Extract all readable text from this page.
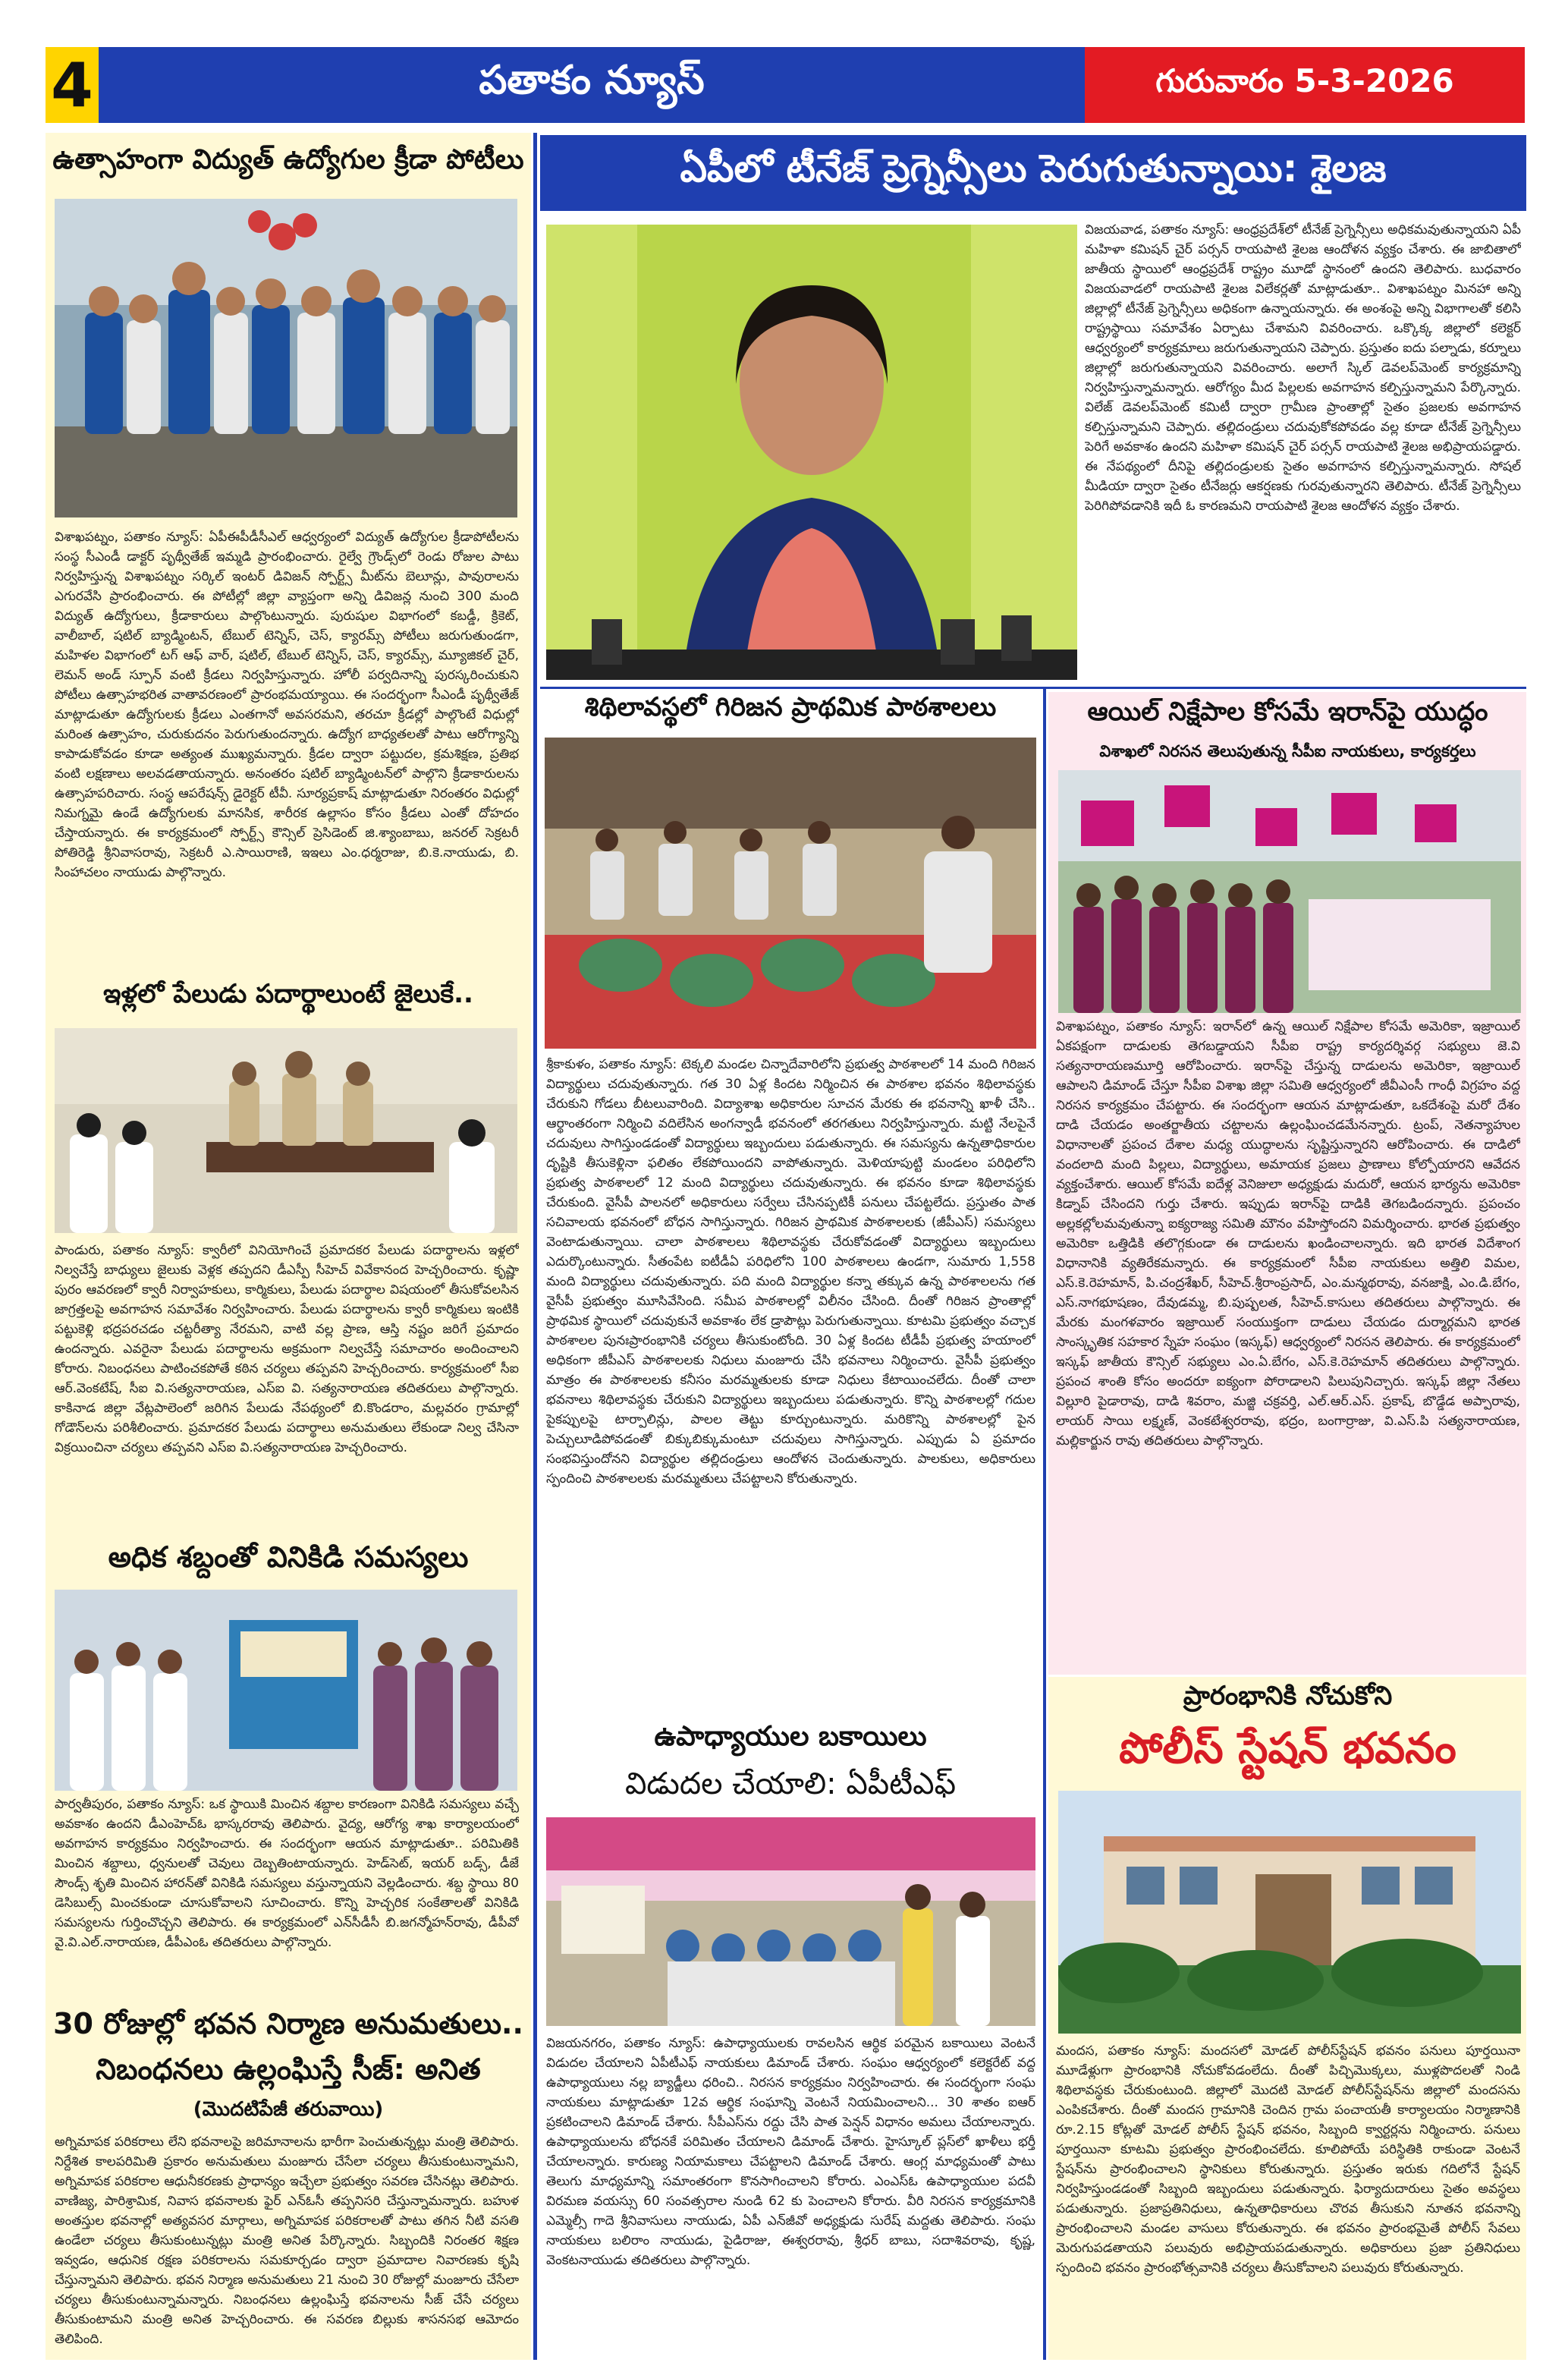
4	పతాకం న్యూస్	గురువారం 5-3-2026
ఉత్సాహంగా విద్యుత్ ఉద్యోగుల క్రీడా పోటీలు
విశాఖపట్నం, పతాకం న్యూస్: ఏపీఈపీడీసీఎల్ ఆధ్వర్యంలో విద్యుత్ ఉద్యోగుల క్రీడాపోటీలను సంస్థ సీఎండీ డాక్టర్ పృథ్వీతేజ్ ఇమ్మడి ప్రారంభించారు. రైల్వే గ్రౌండ్స్‌లో రెండు రోజుల పాటు నిర్వహిస్తున్న విశాఖపట్నం సర్కిల్ ఇంటర్ డివిజన్ స్పోర్ట్స్ మీట్‌ను బెలూన్లు, పావురాలను ఎగురవేసి ప్రారంభించారు. ఈ పోటీల్లో జిల్లా వ్యాప్తంగా అన్ని డివిజన్ల నుంచి 300 మంది విద్యుత్ ఉద్యోగులు, క్రీడాకారులు పాల్గొంటున్నారు. పురుషుల విభాగంలో కబడ్డీ, క్రికెట్, వాలీబాల్, షటిల్ బ్యాడ్మింటన్, టేబుల్ టెన్నిస్, చెస్, క్యారమ్స్ పోటీలు జరుగుతుండగా, మహిళల విభాగంలో టగ్ ఆఫ్ వార్, షటిల్, టేబుల్ టెన్నిస్, చెస్, క్యారమ్స్, మ్యూజికల్ చైర్, లెమన్ అండ్ స్పూన్ వంటి క్రీడలు నిర్వహిస్తున్నారు. హోలీ పర్వదినాన్ని పురస్కరించుకుని పోటీలు ఉత్సాహభరిత వాతావరణంలో ప్రారంభమయ్యాయి. ఈ సందర్భంగా సీఎండీ పృథ్వీతేజ్ మాట్లాడుతూ ఉద్యోగులకు క్రీడలు ఎంతగానో అవసరమని, తరచూ క్రీడల్లో పాల్గొంటే విధుల్లో మరింత ఉత్సాహం, చురుకుదనం పెరుగుతుందన్నారు. ఉద్యోగ బాధ్యతలతో పాటు ఆరోగ్యాన్ని కాపాడుకోవడం కూడా అత్యంత ముఖ్యమన్నారు. క్రీడల ద్వారా పట్టుదల, క్రమశిక్షణ, ప్రతిభ వంటి లక్షణాలు అలవడతాయన్నారు. అనంతరం షటిల్ బ్యాడ్మింటన్‌లో పాల్గొని క్రీడాకారులను ఉత్సాహపరిచారు. సంస్థ ఆపరేషన్స్ డైరెక్టర్ టీవీ. సూర్యప్రకాష్ మాట్లాడుతూ నిరంతరం విధుల్లో నిమగ్నమై ఉండే ఉద్యోగులకు మానసిక, శారీరక ఉల్లాసం కోసం క్రీడలు ఎంతో దోహదం చేస్తాయన్నారు. ఈ కార్యక్రమంలో స్పోర్ట్స్ కౌన్సిల్ ప్రెసిడెంట్ జి.శ్యాంబాబు, జనరల్ సెక్రటరీ పోతిరెడ్డి శ్రీనివాసరావు, సెక్రటరీ ఎ.సాయిరాణి, ఇఇలు ఎం.ధర్మరాజు, బి.కె.నాయుడు, బి. సింహాచలం నాయుడు పాల్గొన్నారు.
ఇళ్లలో పేలుడు పదార్థాలుంటే జైలుకే..
పాండురు, పతాకం న్యూస్: క్వారీలో వినియోగించే ప్రమాదకర పేలుడు పదార్థాలను ఇళ్లలో నిల్వచేస్తే బాధ్యులు జైలుకు వెళ్లక తప్పదని డీఎస్పీ సీహెచ్ వివేకానంద హెచ్చరించారు. కృష్ణా పురం ఆవరణలో క్వారీ నిర్వాహకులు, కార్మికులు, పేలుడు పదార్థాల విషయంలో తీసుకోవలసిన జాగ్రత్తలపై అవగాహన సమావేశం నిర్వహించారు. పేలుడు పదార్థాలను క్వారీ కార్మికులు ఇంటికి పట్టుకెళ్లి భద్రపరచడం చట్టరీత్యా నేరమని, వాటి వల్ల ప్రాణ, ఆస్తి నష్టం జరిగే ప్రమాదం ఉందన్నారు. ఎవరైనా పేలుడు పదార్థాలను అక్రమంగా నిల్వచేస్తే సమాచారం అందించాలని కోరారు. నిబంధనలు పాటించకపోతే కఠిన చర్యలు తప్పవని హెచ్చరించారు. కార్యక్రమంలో సీఐ ఆర్.వెంకటేష్, సీఐ వి.సత్యనారాయణ, ఎస్ఐ వి. సత్యనారాయణ తదితరులు పాల్గొన్నారు. కాకినాడ జిల్లా వేట్లపాలెంలో జరిగిన పేలుడు నేపథ్యంలో బి.కొండరాం, మల్లవరం గ్రామాల్లో గోడౌన్‌లను పరిశీలించారు. ప్రమాదకర పేలుడు పదార్థాలు అనుమతులు లేకుండా నిల్వ చేసినా విక్రయించినా చర్యలు తప్పవని ఎస్ఐ వి.సత్యనారాయణ హెచ్చరించారు.
అధిక శబ్దంతో వినికిడి సమస్యలు
పార్వతీపురం, పతాకం న్యూస్: ఒక స్థాయికి మించిన శబ్దాల కారణంగా వినికిడి సమస్యలు వచ్చే అవకాశం ఉందని డీఎంహెచ్ఓ భాస్కరరావు తెలిపారు. వైద్య, ఆరోగ్య శాఖ కార్యాలయంలో అవగాహన కార్యక్రమం నిర్వహించారు. ఈ సందర్భంగా ఆయన మాట్లాడుతూ.. పరిమితికి మించిన శబ్దాలు, ధ్వనులతో చెవులు దెబ్బతింటాయన్నారు. హెడ్‌సెట్, ఇయర్ బడ్స్, డీజే సౌండ్స్ శృతి మించిన హారన్‌తో వినికిడి సమస్యలు వస్తున్నాయని వెల్లడించారు. శబ్ద స్థాయి 80 డెసిబుల్స్ మించకుండా చూసుకోవాలని సూచించారు. కొన్ని హెచ్చరిక సంకేతాలతో వినికిడి సమస్యలను గుర్తించొచ్చని తెలిపారు. ఈ కార్యక్రమంలో ఎన్‌సీడీసీ బి.జగన్మోహన్‌రావు, డీపీవో వై.వి.ఎల్.నారాయణ, డీపీఎంఓ తదితరులు పాల్గొన్నారు.
30 రోజుల్లో భవన నిర్మాణ అనుమతులు..
నిబంధనలు ఉల్లంఘిస్తే సీజ్: అనిత
(మొదటిపేజీ తరువాయి)
అగ్నిమాపక పరికరాలు లేని భవనాలపై జరిమానాలను భారీగా పెంచుతున్నట్లు మంత్రి తెలిపారు. నిర్దేశిత కాలపరిమితి ప్రకారం అనుమతులు మంజూరు చేసేలా చర్యలు తీసుకుంటున్నామని, అగ్నిమాపక పరికరాల ఆధునీకరణకు ప్రాధాన్యం ఇచ్చేలా ప్రభుత్వం సవరణ చేసినట్లు తెలిపారు. వాణిజ్య, పారిశ్రామిక, నివాస భవనాలకు ఫైర్ ఎన్‌ఓసీ తప్పనిసరి చేస్తున్నామన్నారు. బహుళ అంతస్తుల భవనాల్లో అత్యవసర మార్గాలు, అగ్నిమాపక పరికరాలతో పాటు తగిన నీటి వసతి ఉండేలా చర్యలు తీసుకుంటున్నట్లు మంత్రి అనిత పేర్కొన్నారు. సిబ్బందికి నిరంతర శిక్షణ ఇవ్వడం, ఆధునిక రక్షణ పరికరాలను సమకూర్చడం ద్వారా ప్రమాదాల నివారణకు కృషి చేస్తున్నామని తెలిపారు. భవన నిర్మాణ అనుమతులు 21 నుంచి 30 రోజుల్లో మంజూరు చేసేలా చర్యలు తీసుకుంటున్నామన్నారు. నిబంధనలు ఉల్లంఘిస్తే భవనాలను సీజ్ చేసే చర్యలు తీసుకుంటామని మంత్రి అనిత హెచ్చరించారు. ఈ సవరణ బిల్లుకు శాసనసభ ఆమోదం తెలిపింది.
ఏపీలో టీనేజ్ ప్రెగ్నెన్సీలు పెరుగుతున్నాయి: శైలజ
విజయవాడ, పతాకం న్యూస్: ఆంధ్రప్రదేశ్‌లో టీనేజ్ ప్రెగ్నెన్సీలు అధికమవుతున్నాయని ఏపీ మహిళా కమిషన్ చైర్ పర్సన్ రాయపాటి శైలజ ఆందోళన వ్యక్తం చేశారు. ఈ జాబితాలో జాతీయ స్థాయిలో ఆంధ్రప్రదేశ్ రాష్ట్రం మూడో స్థానంలో ఉందని తెలిపారు. బుధవారం విజయవాడలో రాయపాటి శైలజ విలేకర్లతో మాట్లాడుతూ.. విశాఖపట్నం మినహా అన్ని జిల్లాల్లో టీనేజ్ ప్రెగ్నెన్సీలు అధికంగా ఉన్నాయన్నారు. ఈ అంశంపై అన్ని విభాగాలతో కలిసి రాష్ట్రస్థాయి సమావేశం ఏర్పాటు చేశామని వివరించారు. ఒక్కొక్క జిల్లాలో కలెక్టర్ ఆధ్వర్యంలో కార్యక్రమాలు జరుగుతున్నాయని చెప్పారు. ప్రస్తుతం ఐదు పల్నాడు, కర్నూలు జిల్లాల్లో జరుగుతున్నాయని వివరించారు. అలాగే స్కిల్ డెవలప్‌మెంట్ కార్యక్రమాన్ని నిర్వహిస్తున్నామన్నారు. ఆరోగ్యం మీద పిల్లలకు అవగాహన కల్పిస్తున్నామని పేర్కొన్నారు. విలేజ్ డెవలప్‌మెంట్ కమిటీ ద్వారా గ్రామీణ ప్రాంతాల్లో సైతం ప్రజలకు అవగాహన కల్పిస్తున్నామని చెప్పారు. తల్లిదండ్రులు చదువుకోకపోవడం వల్ల కూడా టీనేజ్ ప్రెగ్నెన్సీలు పెరిగే అవకాశం ఉందని మహిళా కమిషన్ చైర్ పర్సన్ రాయపాటి శైలజ అభిప్రాయపడ్డారు. ఈ నేపథ్యంలో దీనిపై తల్లిదండ్రులకు సైతం అవగాహన కల్పిస్తున్నామన్నారు. సోషల్ మీడియా ద్వారా సైతం టీనేజర్లు ఆకర్షణకు గురవుతున్నారని తెలిపారు. టీనేజ్ ప్రెగ్నెన్సీలు పెరిగిపోవడానికి ఇదీ ఓ కారణమని రాయపాటి శైలజ ఆందోళన వ్యక్తం చేశారు.
శిథిలావస్థలో గిరిజన ప్రాథమిక పాఠశాలలు
శ్రీకాకుళం, పతాకం న్యూస్: టెక్కలి మండల చిన్నాదేవారిలోని ప్రభుత్వ పాఠశాలలో 14 మంది గిరిజన విద్యార్థులు చదువుతున్నారు. గత 30 ఏళ్ల కిందట నిర్మించిన ఈ పాఠశాల భవనం శిథిలావస్థకు చేరుకుని గోడలు బీటలువారింది. విద్యాశాఖ అధికారుల సూచన మేరకు ఈ భవనాన్ని ఖాళీ చేసి.. ఆర్థాంతరంగా నిర్మించి వదిలేసిన అంగన్వాడీ భవనంలో తరగతులు నిర్వహిస్తున్నారు. మట్టి నేలపైనే చదువులు సాగిస్తుండడంతో విద్యార్థులు ఇబ్బందులు పడుతున్నారు. ఈ సమస్యను ఉన్నతాధికారుల దృష్టికి తీసుకెళ్లినా ఫలితం లేకపోయిందని వాపోతున్నారు. మెళియాపుట్టి మండలం పరిధిలోని ప్రభుత్వ పాఠశాలలో 12 మంది విద్యార్థులు చదువుతున్నారు. ఈ భవనం కూడా శిథిలావస్థకు చేరుకుంది. వైసీపీ పాలనలో అధికారులు సర్వేలు చేసినప్పటికీ పనులు చేపట్టలేదు. ప్రస్తుతం పాత సచివాలయ భవనంలో బోధన సాగిస్తున్నారు. గిరిజన ప్రాథమిక పాఠశాలలకు (జీపీఎస్) సమస్యలు వెంటాడుతున్నాయి. చాలా పాఠశాలలు శిథిలావస్థకు చేరుకోవడంతో విద్యార్థులు ఇబ్బందులు ఎదుర్కొంటున్నారు. సీతంపేట ఐటీడీఏ పరిధిలోని 100 పాఠశాలలు ఉండగా, సుమారు 1,558 మంది విద్యార్థులు చదువుతున్నారు. పది మంది విద్యార్థుల కన్నా తక్కువ ఉన్న పాఠశాలలను గత వైసీపీ ప్రభుత్వం మూసివేసింది. సమీప పాఠశాలల్లో విలీనం చేసింది. దీంతో గిరిజన ప్రాంతాల్లో ప్రాథమిక స్థాయిలో చదువుకునే అవకాశం లేక డ్రాపౌట్లు పెరుగుతున్నాయి. కూటమి ప్రభుత్వం వచ్చాక పాఠశాలల పునఃప్రారంభానికి చర్యలు తీసుకుంటోంది. 30 ఏళ్ల కిందట టీడీపీ ప్రభుత్వ హయాంలో అధికంగా జీపీఎస్ పాఠశాలలకు నిధులు మంజూరు చేసి భవనాలు నిర్మించారు. వైసీపీ ప్రభుత్వం మాత్రం ఈ పాఠశాలలకు కనీసం మరమ్మతులకు కూడా నిధులు కేటాయించలేదు. దీంతో చాలా భవనాలు శిథిలావస్థకు చేరుకుని విద్యార్థులు ఇబ్బందులు పడుతున్నారు. కొన్ని పాఠశాలల్లో గదుల పైకప్పులపై టార్పాలిన్లు, పాలల తెట్టు కూర్చుంటున్నారు. మరికొన్ని పాఠశాలల్లో పైన పెచ్చులూడిపోవడంతో బిక్కుబిక్కుమంటూ చదువులు సాగిస్తున్నారు. ఎప్పుడు ఏ ప్రమాదం సంభవిస్తుందోనని విద్యార్థుల తల్లిదండ్రులు ఆందోళన చెందుతున్నారు. పాలకులు, అధికారులు స్పందించి పాఠశాలలకు మరమ్మతులు చేపట్టాలని కోరుతున్నారు.
ఉపాధ్యాయుల బకాయిలు
విడుదల చేయాలి: ఏపీటీఎఫ్
విజయనగరం, పతాకం న్యూస్: ఉపాధ్యాయులకు రావలసిన ఆర్థిక పరమైన బకాయిలు వెంటనే విడుదల చేయాలని ఏపీటీఎఫ్ నాయకులు డిమాండ్ చేశారు. సంఘం ఆధ్వర్యంలో కలెక్టరేట్ వద్ద ఉపాధ్యాయులు నల్ల బ్యాడ్జీలు ధరించి.. నిరసన కార్యక్రమం నిర్వహించారు. ఈ సందర్భంగా సంఘ నాయకులు మాట్లాడుతూ 12వ ఆర్థిక సంఘాన్ని వెంటనే నియమించాలని... 30 శాతం ఐఆర్ ప్రకటించాలని డిమాండ్ చేశారు. సీపీఎస్‌ను రద్దు చేసి పాత పెన్షన్ విధానం అమలు చేయాలన్నారు. ఉపాధ్యాయులను బోధనకే పరిమితం చేయాలని డిమాండ్ చేశారు. హైస్కూల్ ప్లస్‌లో ఖాళీలు భర్తీ చేయాలన్నారు. కారుణ్య నియామకాలు చేపట్టాలని డిమాండ్ చేశారు. ఆంగ్ల మాధ్యమంతో పాటు తెలుగు మాధ్యమాన్ని సమాంతరంగా కొనసాగించాలని కోరారు. ఎంఎస్ఓ ఉపాధ్యాయుల పదవీ విరమణ వయస్సు 60 సంవత్సరాల నుండి 62 కు పెంచాలని కోరారు. వీరి నిరసన కార్యక్రమానికి ఎమ్మెల్సీ గాదె శ్రీనివాసులు నాయుడు, ఏపీ ఎన్‌జీవో అధ్యక్షుడు సురేష్ మద్దతు తెలిపారు. సంఘ నాయకులు బలిరాం నాయుడు, పైడిరాజు, ఈశ్వరరావు, శ్రీధర్ బాబు, సదాశివరావు, కృష్ణ, వెంకటనాయుడు తదితరులు పాల్గొన్నారు.
ఆయిల్ నిక్షేపాల కోసమే ఇరాన్‌పై యుద్ధం
విశాఖలో నిరసన తెలుపుతున్న సీపీఐ నాయకులు, కార్యకర్తలు
విశాఖపట్నం, పతాకం న్యూస్: ఇరాన్‌లో ఉన్న ఆయిల్ నిక్షేపాల కోసమే అమెరికా, ఇజ్రాయిల్ ఏకపక్షంగా దాడులకు తెగబడ్డాయని సీపీఐ రాష్ట్ర కార్యదర్శివర్గ సభ్యులు జె.వి సత్యనారాయణమూర్తి ఆరోపించారు. ఇరాన్‌పై చేస్తున్న దాడులను అమెరికా, ఇజ్రాయిల్ ఆపాలని డిమాండ్ చేస్తూ సీపీఐ విశాఖ జిల్లా సమితి ఆధ్వర్యంలో జీవీఎంసీ గాంధీ విగ్రహం వద్ద నిరసన కార్యక్రమం చేపట్టారు. ఈ సందర్భంగా ఆయన మాట్లాడుతూ, ఒకదేశంపై మరో దేశం దాడి చేయడం అంతర్జాతీయ చట్టాలను ఉల్లంఘించడమేనన్నారు. ట్రంప్, నెతన్యాహుల విధానాలతో ప్రపంచ దేశాల మధ్య యుద్ధాలను సృష్టిస్తున్నారని ఆరోపించారు. ఈ దాడిలో వందలాది మంది పిల్లలు, విద్యార్థులు, అమాయక ప్రజలు ప్రాణాలు కోల్పోయారని ఆవేదన వ్యక్తంచేశారు. ఆయిల్ కోసమే ఐదేళ్ల వెనిజులా అధ్యక్షుడు మదురో, ఆయన భార్యను అమెరికా కిడ్నాప్ చేసిందని గుర్తు చేశారు. ఇప్పుడు ఇరాన్‌పై దాడికి తెగబడిందన్నారు. ప్రపంచం అల్లకల్లోలమవుతున్నా ఐక్యరాజ్య సమితి మౌనం వహిస్తోందని విమర్శించారు. భారత ప్రభుత్వం అమెరికా ఒత్తిడికి తలొగ్గకుండా ఈ దాడులను ఖండించాలన్నారు. ఇది భారత విదేశాంగ విధానానికి వ్యతిరేకమన్నారు. ఈ కార్యక్రమంలో సీపీఐ నాయకులు అత్తిలి విమల, ఎస్.కె.రెహమాన్, పి.చంద్రశేఖర్, సీహెచ్.శ్రీరాంప్రసాద్, ఎం.మన్మథరావు, వనజాక్షి, ఎం.డి.బేగం, ఎస్.నాగభూషణం, దేవుడమ్మ, బి.పుష్పలత, సీహెచ్.కాసులు తదితరులు పాల్గొన్నారు. ఈ మేరకు మంగళవారం ఇజ్రాయిల్ సంయుక్తంగా దాడులు చేయడం దుర్మార్గమని భారత సాంస్కృతిక సహకార స్నేహ సంఘం (ఇస్కఫ్) ఆధ్వర్యంలో నిరసన తెలిపారు. ఈ కార్యక్రమంలో ఇస్కఫ్ జాతీయ కౌన్సిల్ సభ్యులు ఎం.ఏ.బేగం, ఎస్.కె.రెహమాన్ తదితరులు పాల్గొన్నారు. ప్రపంచ శాంతి కోసం అందరూ ఐక్యంగా పోరాడాలని పిలుపునిచ్చారు. ఇస్కఫ్ జిల్లా నేతలు విల్లూరి పైడారావు, దాడి శివరాం, మజ్జి చక్రవర్తి, ఎల్.ఆర్.ఎస్. ప్రకాష్, బొడ్డేడ అప్పారావు, లాయర్ సాయి లక్ష్మణ్, వెంకటేశ్వరరావు, భద్రం, బంగార్రాజు, వి.ఎస్.పి సత్యనారాయణ, మల్లికార్జున రావు తదితరులు పాల్గొన్నారు.
ప్రారంభానికి నోచుకోని
పోలీస్ స్టేషన్ భవనం
మందస, పతాకం న్యూస్: మందసలో మోడల్ పోలీస్‌స్టేషన్ భవనం పనులు పూర్తయినా మూడేళ్లుగా ప్రారంభానికి నోచుకోవడంలేదు. దీంతో పిచ్చిమొక్కలు, ముళ్లపొదలతో నిండి శిథిలావస్థకు చేరుకుంటుంది. జిల్లాలో మొదటి మోడల్ పోలీస్‌స్టేషన్‌ను జిల్లాలో మందసను ఎంపికచేశారు. దీంతో మందస గ్రామానికి చెందిన గ్రామ పంచాయతీ కార్యాలయం నిర్మాణానికి రూ.2.15 కోట్లతో మోడల్ పోలీస్ స్టేషన్ భవనం, సిబ్బంది క్వార్టర్లను నిర్మించారు. పనులు పూర్తయినా కూటమి ప్రభుత్వం ప్రారంభించలేదు. కూలిపోయే పరిస్థితికి రాకుండా వెంటనే స్టేషన్‌ను ప్రారంభించాలని స్థానికులు కోరుతున్నారు. ప్రస్తుతం ఇరుకు గదిలోనే స్టేషన్ నిర్వహిస్తుండడంతో సిబ్బంది ఇబ్బందులు పడుతున్నారు. ఫిర్యాదుదారులు సైతం అవస్థలు పడుతున్నారు. ప్రజాప్రతినిధులు, ఉన్నతాధికారులు చొరవ తీసుకుని నూతన భవనాన్ని ప్రారంభించాలని మండల వాసులు కోరుతున్నారు. ఈ భవనం ప్రారంభమైతే పోలీస్ సేవలు మెరుగుపడతాయని పలువురు అభిప్రాయపడుతున్నారు. అధికారులు ప్రజా ప్రతినిధులు స్పందించి భవనం ప్రారంభోత్సవానికి చర్యలు తీసుకోవాలని పలువురు కోరుతున్నారు.
